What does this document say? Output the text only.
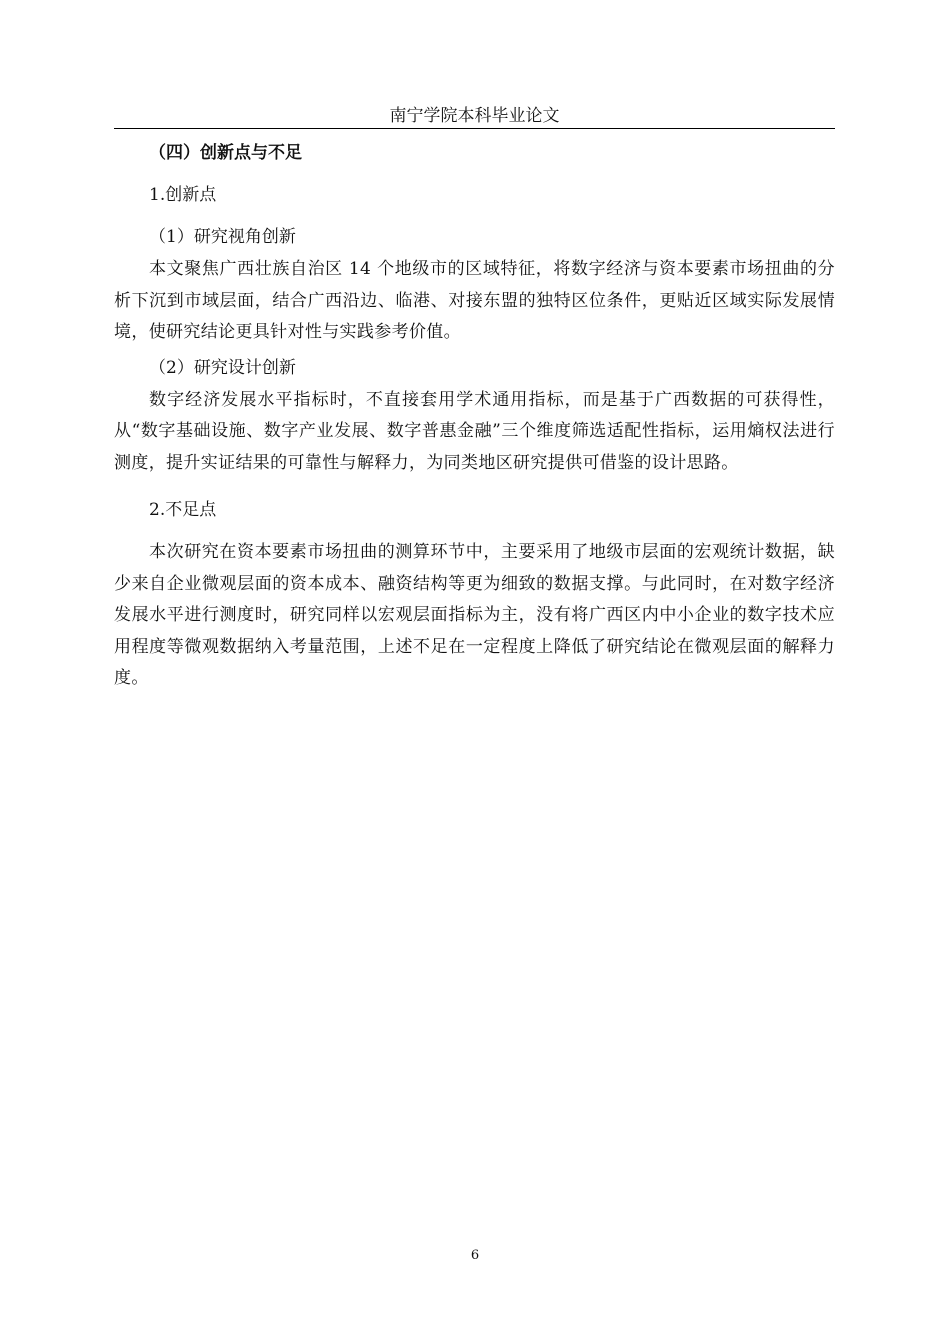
南宁学院本科毕业论文
（四）创新点与不足
1.创新点
（1）研究视角创新

本文聚焦广西壮族自治区 14 个地级市的区域特征，将数字经济与资本要素市场扭曲的分析下沉到市域层面，结合广西沿边、临港、对接东盟的独特区位条件，更贴近区域实际发展情境，使研究结论更具针对性与实践参考价值。

（2）研究设计创新

数字经济发展水平指标时，不直接套用学术通用指标，而是基于广西数据的可获得性，从“数字基础设施、数字产业发展、数字普惠金融”三个维度筛选适配性指标，运用熵权法进行测度，提升实证结果的可靠性与解释力，为同类地区研究提供可借鉴的设计思路。

2.不足点

本次研究在资本要素市场扭曲的测算环节中，主要采用了地级市层面的宏观统计数据，缺少来自企业微观层面的资本成本、融资结构等更为细致的数据支撑。与此同时，在对数字经济发展水平进行测度时，研究同样以宏观层面指标为主，没有将广西区内中小企业的数字技术应用程度等微观数据纳入考量范围，上述不足在一定程度上降低了研究结论在微观层面的解释力度。

6
